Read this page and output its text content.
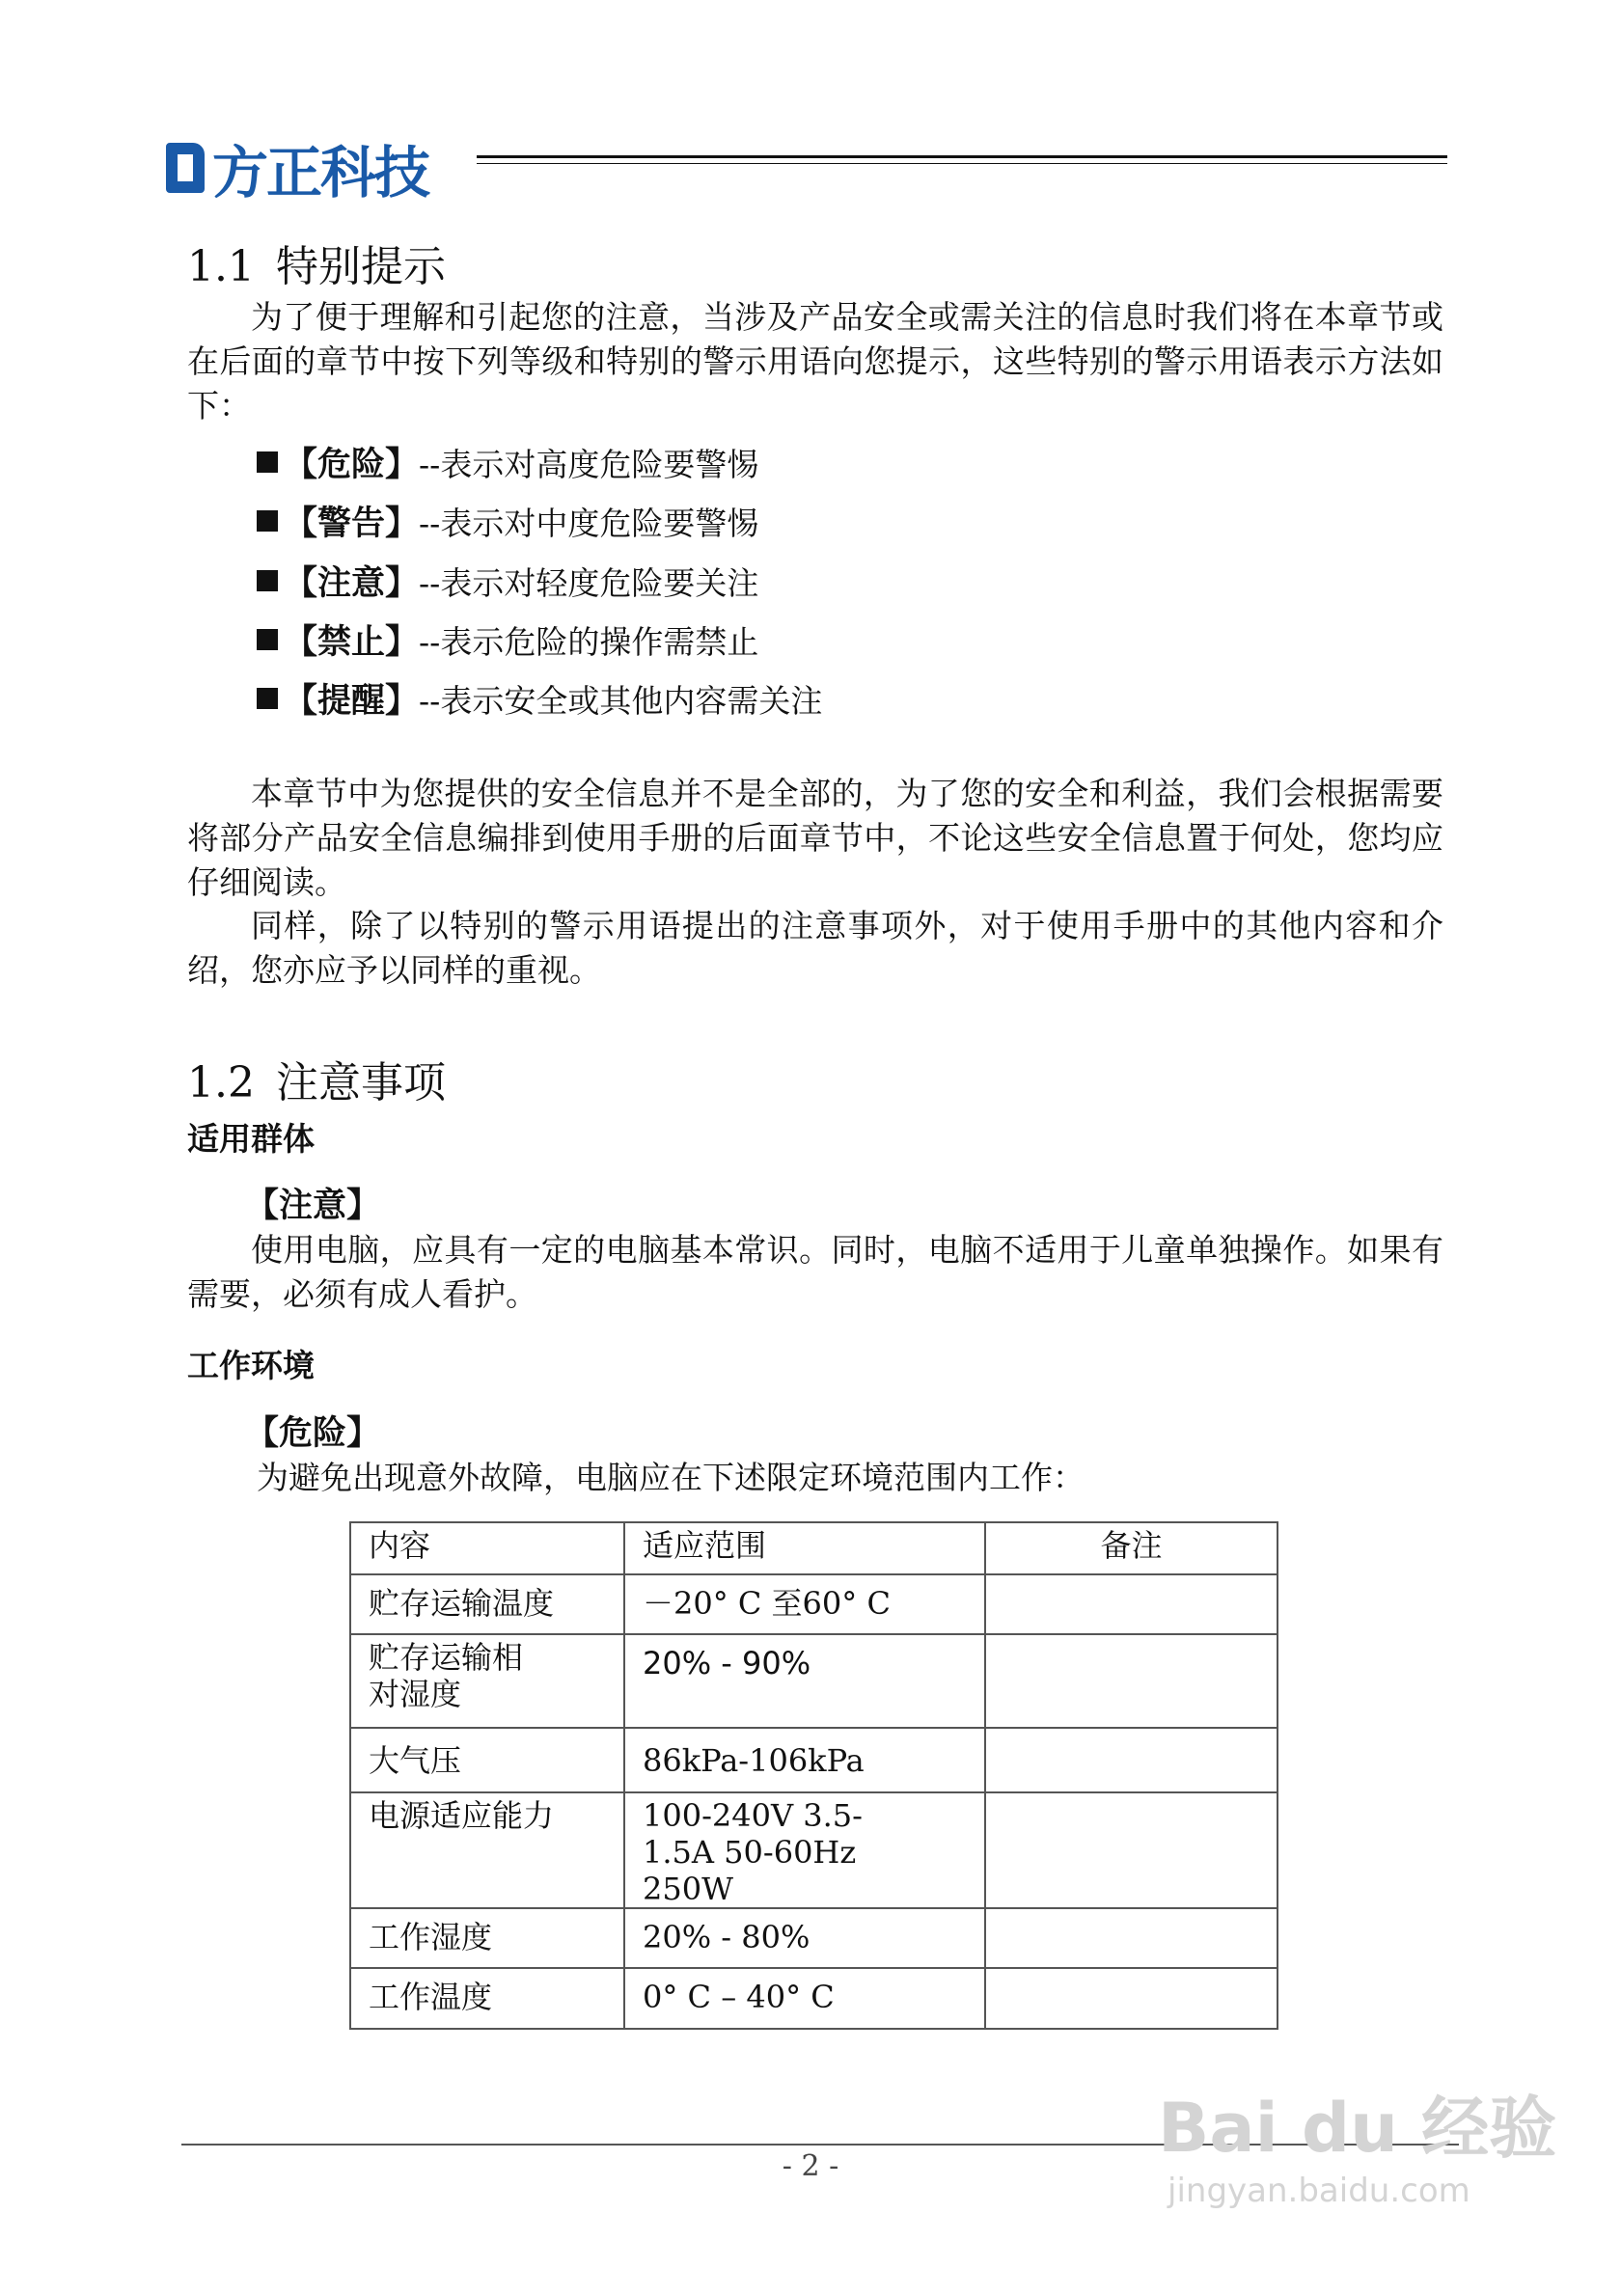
方正科技
1.1 特别提示
为了便于理解和引起您的注意，当涉及产品安全或需关注的信息时我们将在本章节或在后面的章节中按下列等级和特别的警示用语向您提示，这些特别的警示用语表示方法如下：
【危险】 --表示对高度危险要警惕
【警告】 --表示对中度危险要警惕
【注意】 --表示对轻度危险要关注
【禁止】 --表示危险的操作需禁止
【提醒】 --表示安全或其他内容需关注
本章节中为您提供的安全信息并不是全部的，为了您的安全和利益，我们会根据需要将部分产品安全信息编排到使用手册的后面章节中，不论这些安全信息置于何处，您均应仔细阅读。
同样，除了以特别的警示用语提出的注意事项外，对于使用手册中的其他内容和介绍，您亦应予以同样的重视。
1.2 注意事项
适用群体
【注意】
使用电脑，应具有一定的电脑基本常识。同时，电脑不适用于儿童单独操作。如果有需要，必须有成人看护。
工作环境
【危险】
为避免出现意外故障，电脑应在下述限定环境范围内工作：
内容	适应范围	备注
贮存运输温度	－20° C 至60° C	
贮存运输相对湿度	20% - 90%	
大气压	86kPa-106kPa	
电源适应能力	100-240V 3.5-1.5A 50-60Hz 250W	
工作湿度	20% - 80%	
工作温度	0° C – 40° C	
- 2 -	Bai du 经验
jingyan.baidu.com
